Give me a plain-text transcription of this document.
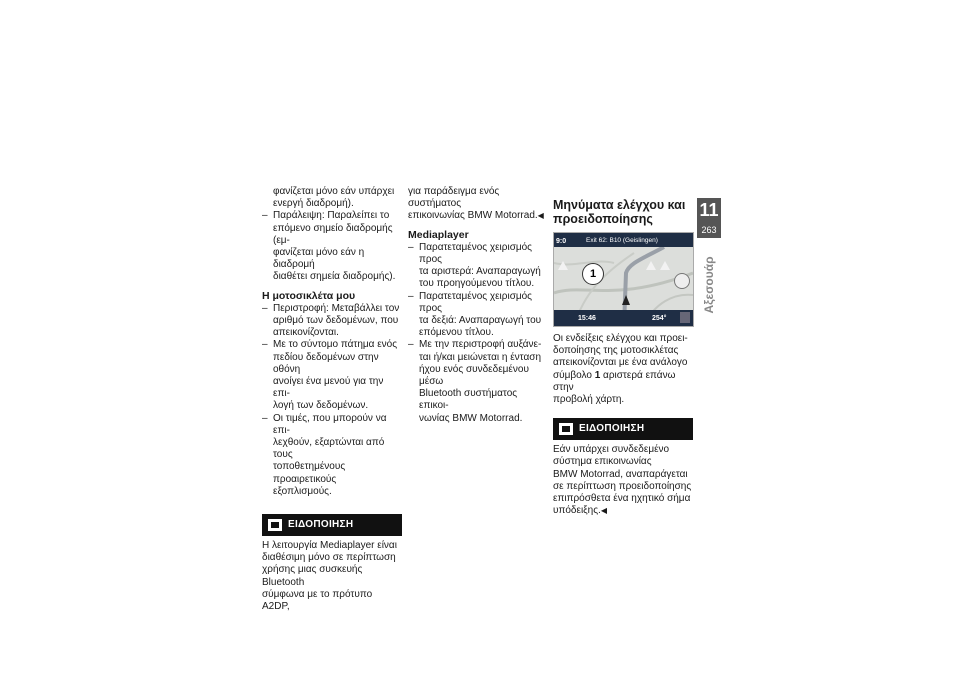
φανίζεται μόνο εάν υπάρχει

ενεργή διαδρομή).

– Παράλειψη: Παραλείπει το

επόμενο σημείο διαδρομής (εμ-

φανίζεται μόνο εάν η διαδρομή

διαθέτει σημεία διαδρομής).

Η μοτοσικλέτα μου

– Περιστροφή: Μεταβάλλει τον

αριθμό των δεδομένων, που

απεικονίζονται.

– Με το σύντομο πάτημα ενός

πεδίου δεδομένων στην οθόνη

ανοίγει ένα μενού για την επι-

λογή των δεδομένων.

– Οι τιμές, που μπορούν να επι-

λεχθούν, εξαρτώνται από τους

τοποθετημένους προαιρετικούς

εξοπλισμούς.

ΕΙΔΟΠΟΙΗΣΗ

Η λειτουργία Mediaplayer είναι

διαθέσιμη μόνο σε περίπτωση

χρήσης μιας συσκευής Bluetooth

σύμφωνα με το πρότυπο A2DP,

για παράδειγμα ενός συστήματος

επικοινωνίας BMW Motorrad.◀

Mediaplayer

– Παρατεταμένος χειρισμός προς

τα αριστερά: Αναπαραγωγή

του προηγούμενου τίτλου.

– Παρατεταμένος χειρισμός προς

τα δεξιά: Αναπαραγωγή του

επόμενου τίτλου.

– Με την περιστροφή αυξάνε-

ται ή/και μειώνεται η ένταση

ήχου ενός συνδεδεμένου μέσω

Bluetooth συστήματος επικοι-

νωνίας BMW Motorrad.

Μηνύματα ελέγχου και
προειδοποίησης
9:0	Exit 62: B10 (Geislingen)
1
15:46	254°

Οι ενδείξεις ελέγχου και προει-

δοποίησης της μοτοσικλέτας

απεικονίζονται με ένα ανάλογο

σύμβολο 1 αριστερά επάνω στην

προβολή χάρτη.

ΕΙΔΟΠΟΙΗΣΗ

Εάν υπάρχει συνδεδεμένο

σύστημα επικοινωνίας

BMW Motorrad, αναπαράγεται

σε περίπτωση προειδοποίησης

επιπρόσθετα ένα ηχητικό σήμα

υπόδειξης.◀

11
263
Αξεσουάρ
